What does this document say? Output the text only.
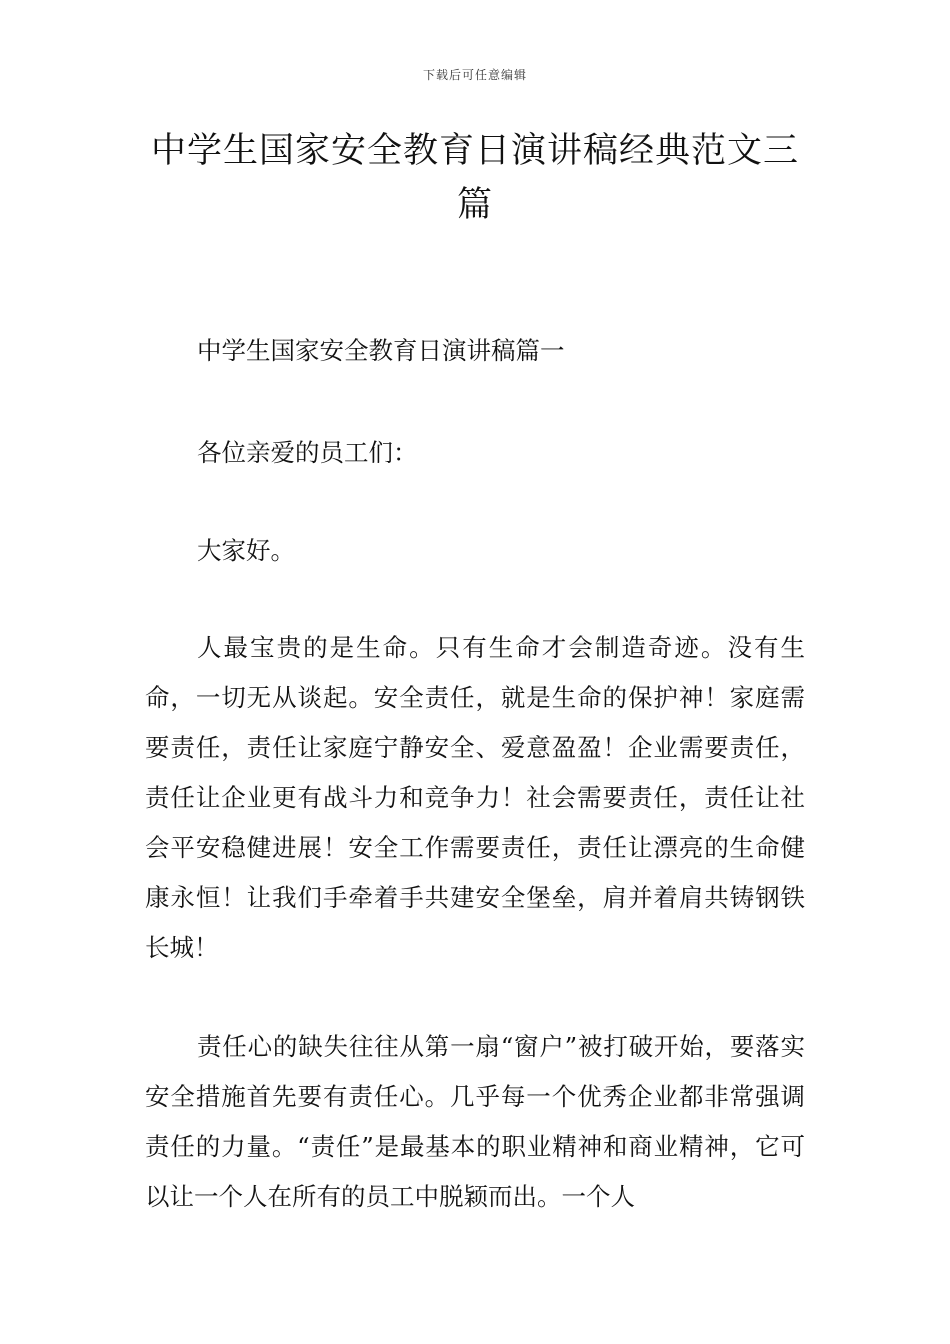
下载后可任意编辑
中学生国家安全教育日演讲稿经典范文三篇

中学生国家安全教育日演讲稿篇一

各位亲爱的员工们：

大家好。

人最宝贵的是生命。只有生命才会制造奇迹。没有生命，一切无从谈起。安全责任，就是生命的保护神！家庭需要责任，责任让家庭宁静安全、爱意盈盈！企业需要责任，责任让企业更有战斗力和竞争力！社会需要责任，责任让社会平安稳健进展！安全工作需要责任，责任让漂亮的生命健康永恒！让我们手牵着手共建安全堡垒，肩并着肩共铸钢铁长城！

责任心的缺失往往从第一扇“窗户”被打破开始，要落实安全措施首先要有责任心。几乎每一个优秀企业都非常强调责任的力量。“责任”是最基本的职业精神和商业精神，它可以让一个人在所有的员工中脱颖而出。一个人
